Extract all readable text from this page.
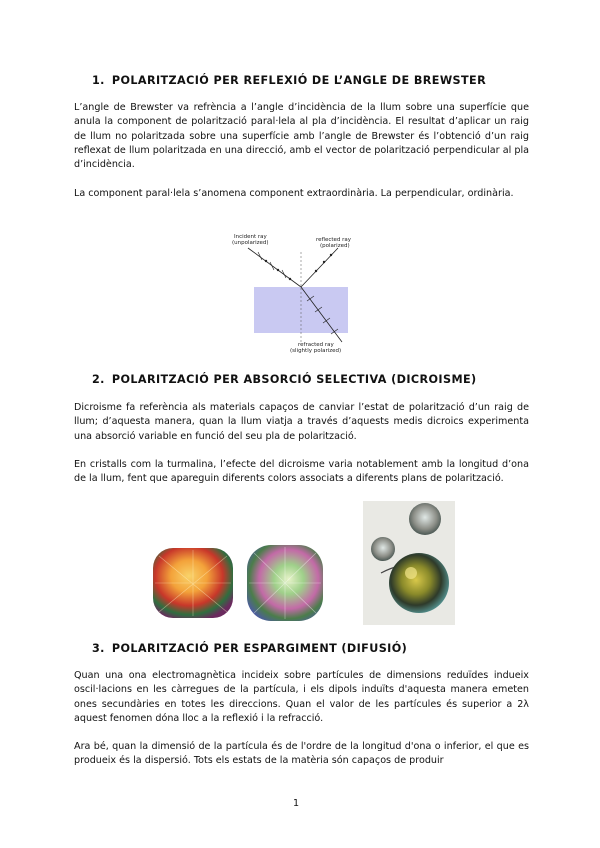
1. POLARITZACIÓ PER REFLEXIÓ DE L’ANGLE DE BREWSTER

L’angle de Brewster va refrència a l’angle d’incidència de la llum sobre una superfície que anula la component de polarització paral·lela al pla d’incidència. El resultat d’aplicar un raig de llum no polaritzada sobre una superfície amb l’angle de Brewster és l’obtenció d’un raig reflexat de llum polaritzada en una direcció, amb el vector de polarització perpendicular al pla d’incidència.

La component paral·lela s’anomena component extraordinària. La perpendicular, ordinària.

Incident ray
(unpolarized)	reflected ray
(polarized)
refracted ray
(slightly polarized)
2. POLARITZACIÓ PER ABSORCIÓ SELECTIVA (DICROISME)

Dicroisme fa referència als materials capaços de canviar l’estat de polarització d’un raig de llum; d’aquesta manera, quan la llum viatja a través d’aquests medis dicroics experimenta una absorció variable en funció del seu pla de polarització.

En cristalls com la turmalina, l’efecte del dicroisme varia notablement amb la longitud d’ona de la llum, fent que apareguin diferents colors associats a diferents plans de polarització.

3. POLARITZACIÓ PER ESPARGIMENT (DIFUSIÓ)

Quan una ona electromagnètica incideix sobre partícules de dimensions reduïdes indueix oscil·lacions en les càrregues de la partícula, i els dipols induïts d'aquesta manera emeten ones secundàries en totes les direccions. Quan el valor de les partícules és superior a 2λ aquest fenomen dóna lloc a la reflexió i la refracció.

Ara bé, quan la dimensió de la partícula és de l'ordre de la longitud d'ona o inferior, el que es produeix és la dispersió. Tots els estats de la matèria són capaços de produir

1
